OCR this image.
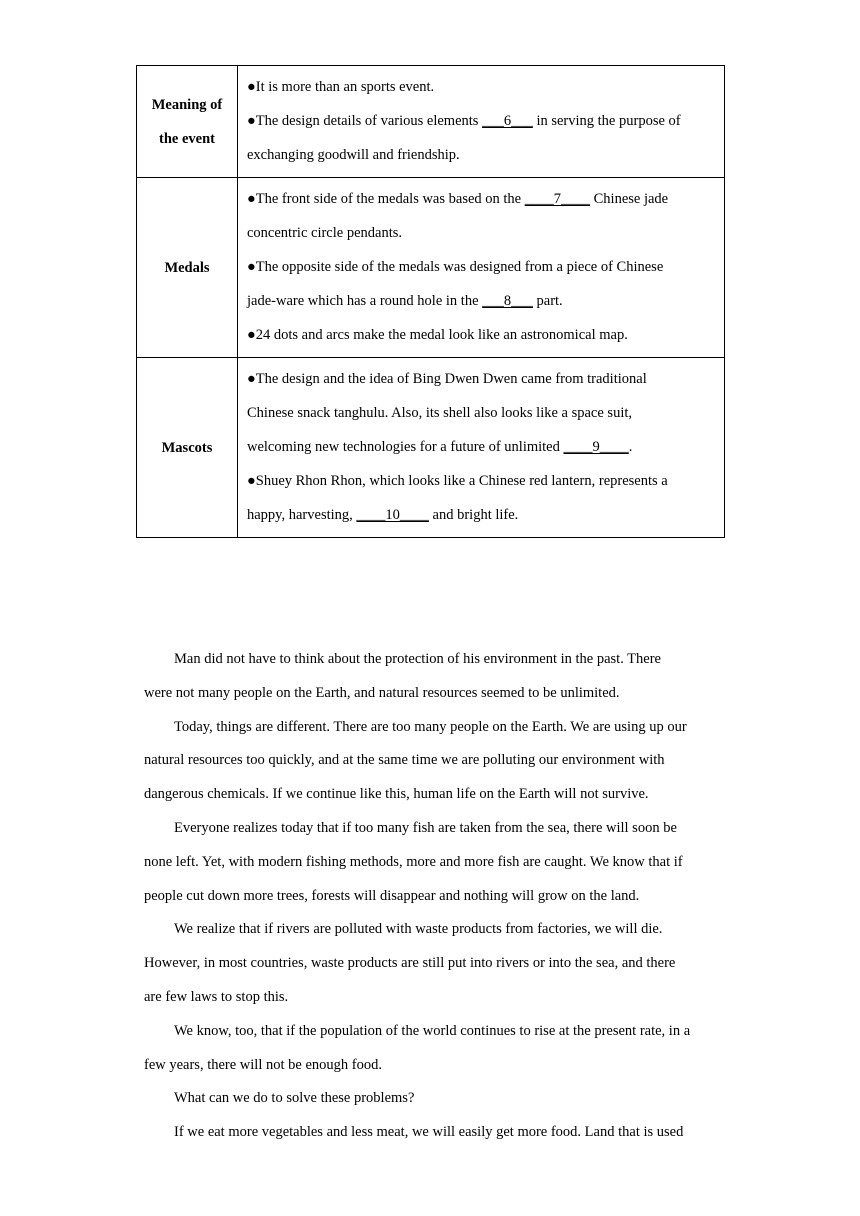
Meaning of
the event	●It is more than an sports event.
●The design details of various elements ___6___ in serving the purpose of
exchanging goodwill and friendship.

Medals	●The front side of the medals was based on the ____7____ Chinese jade
concentric circle pendants.
●The opposite side of the medals was designed from a piece of Chinese
jade-ware which has a round hole in the ___8___ part.
●24 dots and arcs make the medal look like an astronomical map.

Mascots	●The design and the idea of Bing Dwen Dwen came from traditional
Chinese snack tanghulu. Also, its shell also looks like a space suit,
welcoming new technologies for a future of unlimited ____9____.
●Shuey Rhon Rhon, which looks like a Chinese red lantern, represents a
happy, harvesting, ____10____ and bright life.

Man did not have to think about the protection of his environment in the past. There
were not many people on the Earth, and natural resources seemed to be unlimited.

Today, things are different. There are too many people on the Earth. We are using up our
natural resources too quickly, and at the same time we are polluting our environment with
dangerous chemicals. If we continue like this, human life on the Earth will not survive.

Everyone realizes today that if too many fish are taken from the sea, there will soon be
none left. Yet, with modern fishing methods, more and more fish are caught. We know that if
people cut down more trees, forests will disappear and nothing will grow on the land.

We realize that if rivers are polluted with waste products from factories, we will die.
However, in most countries, waste products are still put into rivers or into the sea, and there
are few laws to stop this.

We know, too, that if the population of the world continues to rise at the present rate, in a
few years, there will not be enough food.

What can we do to solve these problems?

If we eat more vegetables and less meat, we will easily get more food. Land that is used
